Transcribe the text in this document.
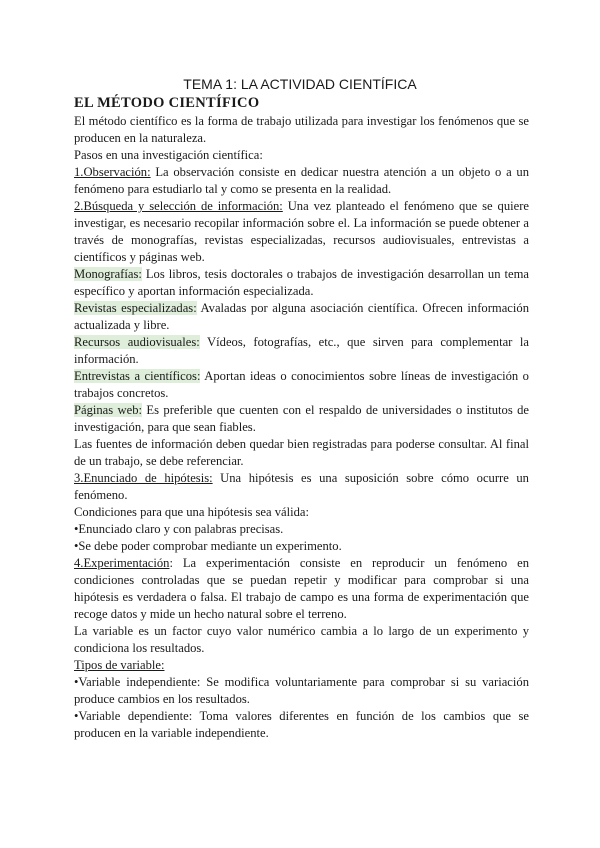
TEMA 1: LA ACTIVIDAD CIENTÍFICA
EL MÉTODO CIENTÍFICO

El método científico es la forma de trabajo utilizada para investigar los fenómenos que se producen en la naturaleza.

Pasos en una investigación científica:

1.Observación: La observación consiste en dedicar nuestra atención a un objeto o a un fenómeno para estudiarlo tal y como se presenta en la realidad.

2.Búsqueda y selección de información: Una vez planteado el fenómeno que se quiere investigar, es necesario recopilar información sobre el. La información se puede obtener a través de monografías, revistas especializadas, recursos audiovisuales, entrevistas a científicos y páginas web.

Monografías: Los libros, tesis doctorales o trabajos de investigación desarrollan un tema específico y aportan información especializada.

Revistas especializadas: Avaladas por alguna asociación científica. Ofrecen información actualizada y libre.

Recursos audiovisuales: Vídeos, fotografías, etc., que sirven para complementar la información.

Entrevistas a científicos: Aportan ideas o conocimientos sobre líneas de investigación o trabajos concretos.

Páginas web: Es preferible que cuenten con el respaldo de universidades o institutos de investigación, para que sean fiables.

Las fuentes de información deben quedar bien registradas para poderse consultar. Al final de un trabajo, se debe referenciar.

3.Enunciado de hipótesis: Una hipótesis es una suposición sobre cómo ocurre un fenómeno.

Condiciones para que una hipótesis sea válida:

•Enunciado claro y con palabras precisas.

•Se debe poder comprobar mediante un experimento.

4.Experimentación: La experimentación consiste en reproducir un fenómeno en condiciones controladas que se puedan repetir y modificar para comprobar si una hipótesis es verdadera o falsa. El trabajo de campo es una forma de experimentación que recoge datos y mide un hecho natural sobre el terreno.

La variable es un factor cuyo valor numérico cambia a lo largo de un experimento y condiciona los resultados.

Tipos de variable:

•Variable independiente: Se modifica voluntariamente para comprobar si su variación produce cambios en los resultados.

•Variable dependiente: Toma valores diferentes en función de los cambios que se producen en la variable independiente.
